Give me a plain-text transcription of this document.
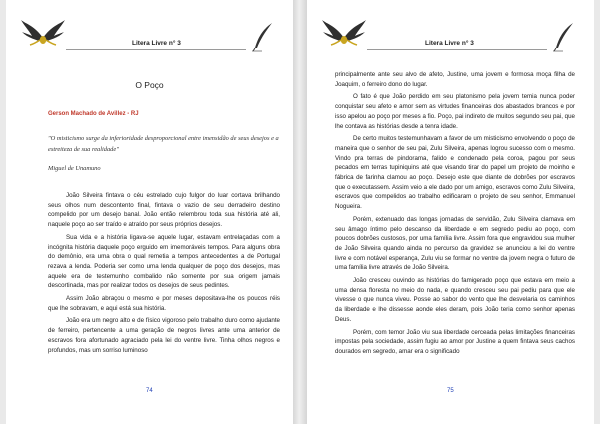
Litera Livre n° 3
O Poço
Gerson Machado de Avillez - RJ
"O misticismo surge da inferioridade desproporcional entre imensidão de seus desejos e a estreiteza de sua realidade"
Miguel de Unamuno

João Silveira fintava o céu estrelado cujo fulgor do luar cortava brilhando seus olhos num descontento final, fintava o vazio de seu derradeiro destino compelido por um desejo banal. João então relembrou toda sua história até ali, naquele poço ao ser traído e atraído por seus próprios desejos.

Sua vida e a história ligava-se aquele lugar, estavam entrelaçadas com a incógnita história daquele poço erguido em imemoráveis tempos. Para alguns obra do demônio, era uma obra o qual remetia a tempos antecedentes a de Portugal rezava a lenda. Poderia ser como uma lenda qualquer de poço dos desejos, mas aquele era de testemunho combalido não somente por sua origem jamais descortinada, mas por realizar todos os desejos de seus pedintes.

Assim João abraçou o mesmo e por meses depositava-lhe os poucos réis que lhe sobravam, e aqui está sua história.

João era um negro alto e de físico vigoroso pelo trabalho duro como ajudante de ferreiro, pertencente a uma geração de negros livres ante uma anterior de escravos fora afortunado agraciado pela lei do ventre livre. Tinha olhos negros e profundos, mas um sorriso luminoso

74
Litera Livre n° 3

principalmente ante seu alvo de afeto, Justine, uma jovem e formosa moça filha de Joaquim, o ferreiro dono do lugar.

O fato é que João perdido em seu platonismo pela jovem temia nunca poder conquistar seu afeto e amor sem as virtudes financeiras dos abastados brancos e por isso apelou ao poço por meses a fio. Poço, pai indireto de muitos segundo seu pai, que lhe contava as histórias desde a tenra idade.

De certo muitos testemunhavam a favor de um misticismo envolvendo o poço de maneira que o senhor de seu pai, Zulu Silveira, apenas logrou sucesso com o mesmo. Vindo pra terras de pindorama, falido e condenado pela coroa, pagou por seus pecados em terras tupiniquins até que visando tirar do papel um projeto de moinho e fábrica de farinha clamou ao poço. Desejo este que diante de dobrões por escravos que o executassem. Assim veio a ele dado por um amigo, escravos como Zulu Silveira, escravos que compelidos ao trabalho edificaram o projeto de seu senhor, Emmanuel Nogueira.

Porém, extenuado das longas jornadas de servidão, Zulu Silveira clamava em seu âmago íntimo pelo descanso da liberdade e em segredo pediu ao poço, com poucos dobrões custosos, por uma família livre. Assim fora que engravidou sua mulher de João Silveira quando ainda no percurso da gravidez se anunciou a lei do ventre livre e com notável esperança, Zulu viu se formar no ventre da jovem negra o futuro de uma família livre através de João Silveira.

João cresceu ouvindo as histórias do famigerado poço que estava em meio a uma densa floresta no meio do nada, e quando cresceu seu pai pediu para que ele vivesse o que nunca viveu. Posse ao sabor do vento que lhe desvelaria os caminhos da liberdade e lhe dissesse aonde eles deram, pois João teria como senhor apenas Deus.

Porém, com temor João viu sua liberdade cerceada pelas limitações financeiras impostas pela sociedade, assim fugiu ao amor por Justine a quem fintava seus cachos dourados em segredo, amar era o significado

75
